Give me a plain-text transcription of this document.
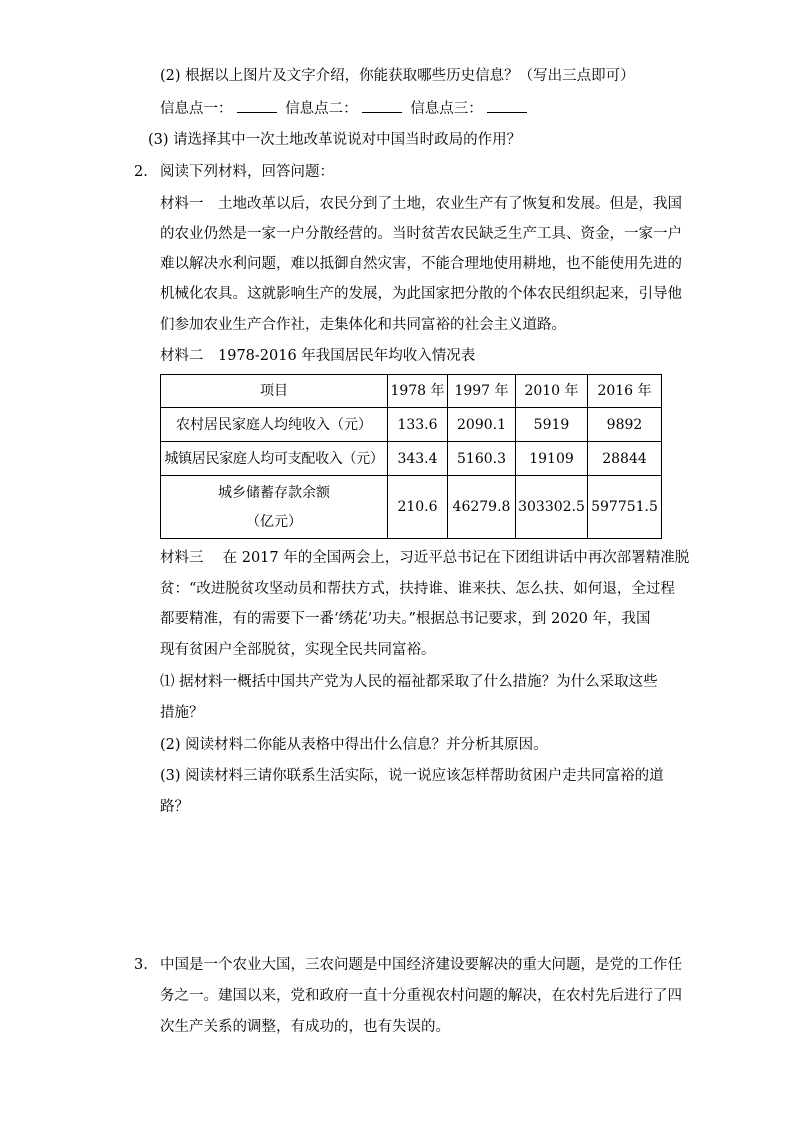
(2) 根据以上图片及文字介绍，你能获取哪些历史信息？（写出三点即可）
信息点一：	信息点二：	信息点三：
(3) 请选择其中一次土地改革说说对中国当时政局的作用？
2. 阅读下列材料，回答问题：
材料一　土地改革以后，农民分到了土地，农业生产有了恢复和发展。但是，我国
的农业仍然是一家一户分散经营的。当时贫苦农民缺乏生产工具、资金，一家一户
难以解决水利问题，难以抵御自然灾害，不能合理地使用耕地，也不能使用先进的
机械化农具。这就影响生产的发展，为此国家把分散的个体农民组织起来，引导他
们参加农业生产合作社，走集体化和共同富裕的社会主义道路。
材料二　1978-2016 年我国居民年均收入情况表
项目	1978 年	1997 年	2010 年	2016 年
农村居民家庭人均纯收入（元）	133.6	2090.1	5919	9892
城镇居民家庭人均可支配收入（元）	343.4	5160.3	19109	28844

城乡储蓄存款余额
（亿元）	210.6	46279.8	303302.5	597751.5
材料三　 在 2017 年的全国两会上，习近平总书记在下团组讲话中再次部署精准脱
贫：“改进脱贫攻坚动员和帮扶方式，扶持谁、谁来扶、怎么扶、如何退，全过程
都要精准，有的需要下一番‘绣花’功夫。”根据总书记要求，到 2020 年，我国
现有贫困户全部脱贫，实现全民共同富裕。
⑴ 据材料一概括中国共产党为人民的福祉都采取了什么措施？为什么采取这些
措施？
(2) 阅读材料二你能从表格中得出什么信息？并分析其原因。
(3) 阅读材料三请你联系生活实际，说一说应该怎样帮助贫困户走共同富裕的道
路？
3. 中国是一个农业大国，三农问题是中国经济建设要解决的重大问题，是党的工作任
务之一。建国以来，党和政府一直十分重视农村问题的解决，在农村先后进行了四
次生产关系的调整，有成功的，也有失误的。
